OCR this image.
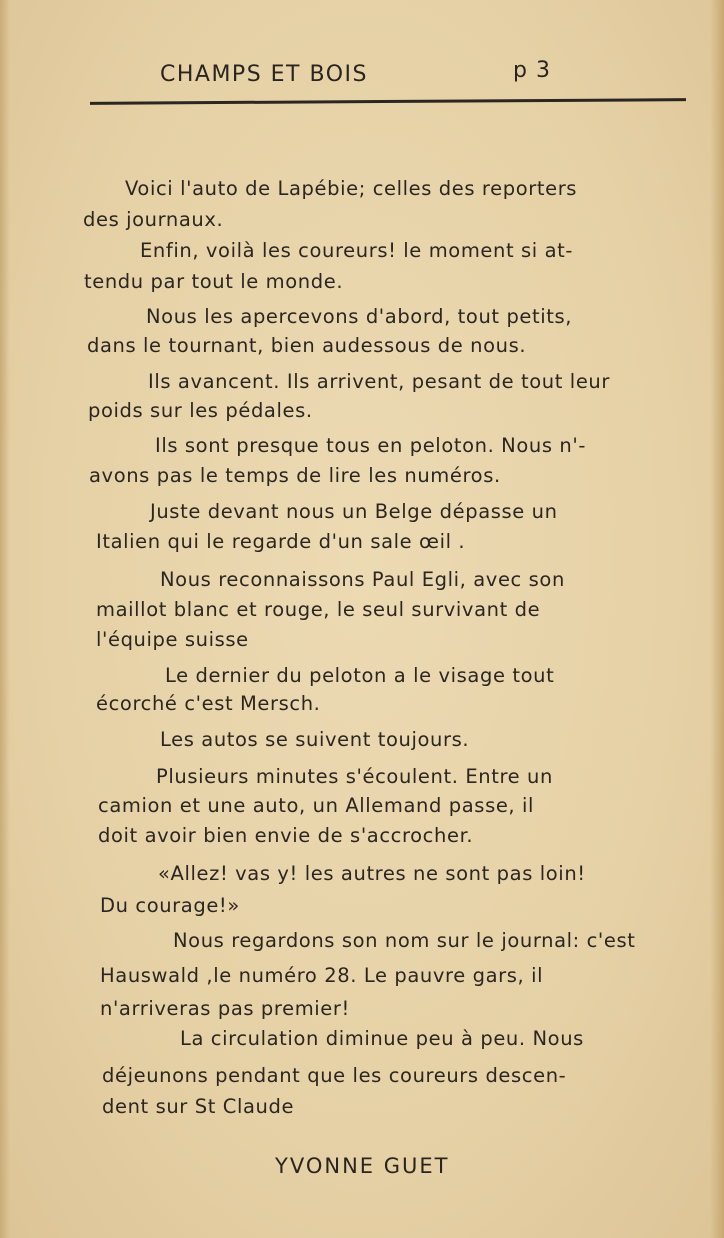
CHAMPS ET BOIS	p 3
Voici l'auto de Lapébie; celles des reporters
des journaux.
Enfin, voilà les coureurs! le moment si at-
tendu par tout le monde.
Nous les apercevons d'abord, tout petits,
dans le tournant, bien audessous de nous.
Ils avancent. Ils arrivent, pesant de tout leur
poids sur les pédales.
Ils sont presque tous en peloton. Nous n'-
avons pas le temps de lire les numéros.
Juste devant nous un Belge dépasse un
Italien qui le regarde d'un sale œil .
Nous reconnaissons Paul Egli, avec son
maillot blanc et rouge, le seul survivant de
l'équipe suisse
Le dernier du peloton a le visage tout
écorché c'est Mersch.
Les autos se suivent toujours.
Plusieurs minutes s'écoulent. Entre un
camion et une auto, un Allemand passe, il
doit avoir bien envie de s'accrocher.
«Allez! vas y! les autres ne sont pas loin!
Du courage!»
Nous regardons son nom sur le journal: c'est
Hauswald ,le numéro 28. Le pauvre gars, il
n'arriveras pas premier!
La circulation diminue peu à peu. Nous
déjeunons pendant que les coureurs descen-
dent sur St Claude
YVONNE GUET
